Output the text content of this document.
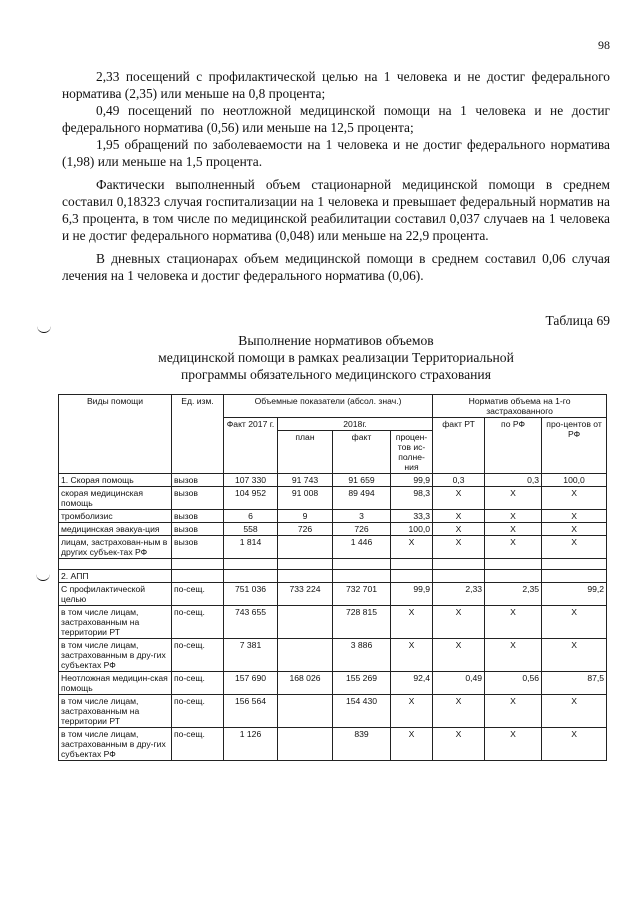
98

2,33 посещений с профилактической целью на 1 человека и не достиг федерального норматива (2,35) или меньше на 0,8 процента;

0,49 посещений по неотложной медицинской помощи на 1 человека и не достиг федерального норматива (0,56) или меньше на 12,5 процента;

1,95 обращений по заболеваемости на 1 человека и не достиг федерального норматива (1,98) или меньше на 1,5 процента.

Фактически выполненный объем стационарной медицинской помощи в среднем составил 0,18323 случая госпитализации на 1 человека и превышает федеральный норматив на 6,3 процента, в том числе по медицинской реабилитации составил 0,037 случаев на 1 человека и не достиг федерального норматива (0,048) или меньше на 22,9 процента.

В дневных стационарах объем медицинской помощи в среднем составил 0,06 случая лечения на 1 человека и достиг федерального норматива (0,06).

Таблица 69
Выполнение нормативов объемов
медицинской помощи в рамках реализации Территориальной
программы обязательного медицинского страхования
Виды помощи	Ед. изм.	Объемные показатели (абсол. знач.)				Норматив объема на 1-го застрахованного		
		Факт 2017 г.	2018г.			факт РТ	по РФ	про-центов от РФ
			план	факт	процен-тов ис-полне-ния			
1. Скорая помощь	вызов	107 330	91 743	91 659	99,9	0,3	0,3	100,0
скорая медицинская помощь	вызов	104 952	91 008	89 494	98,3	Х	Х	Х
тромболизис	вызов	6	9	3	33,3	Х	Х	Х
медицинская эвакуа-ция	вызов	558	726	726	100,0	Х	Х	Х
лицам, застрахован-ным в других субъек-тах РФ	вызов	1 814		1 446	Х	Х	Х	Х

2. АПП								
С профилактической целью	по-сещ.	751 036	733 224	732 701	99,9	2,33	2,35	99,2
в том числе лицам, застрахованным на территории РТ	по-сещ.	743 655		728 815	Х	Х	Х	Х
в том числе лицам, застрахованным в дру-гих субъектах РФ	по-сещ.	7 381		3 886	Х	Х	Х	Х
Неотложная медицин-ская помощь	по-сещ.	157 690	168 026	155 269	92,4	0,49	0,56	87,5
в том числе лицам, застрахованным на территории РТ	по-сещ.	156 564		154 430	Х	Х	Х	Х
в том числе лицам, застрахованным в дру-гих субъектах РФ	по-сещ.	1 126		839	Х	Х	Х	Х
